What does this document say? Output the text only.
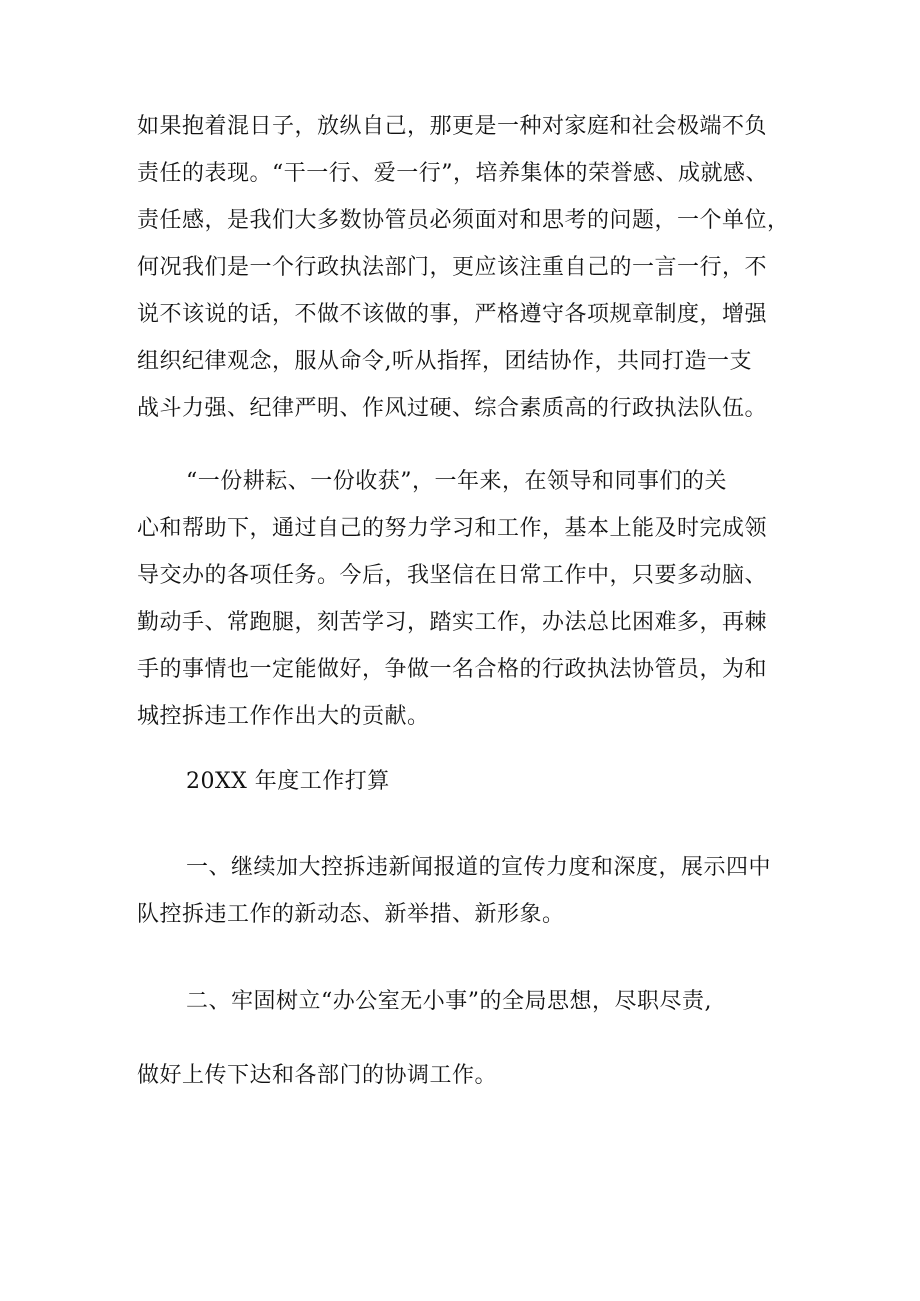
如果抱着混日子，放纵自己，那更是一种对家庭和社会极端不负
责任的表现。“干一行、爱一行”，培养集体的荣誉感、成就感、
责任感，是我们大多数协管员必须面对和思考的问题，一个单位，
何况我们是一个行政执法部门，更应该注重自己的一言一行，不
说不该说的话，不做不该做的事，严格遵守各项规章制度，增强
组织纪律观念，服从命令,听从指挥，团结协作，共同打造一支
战斗力强、纪律严明、作风过硬、综合素质高的行政执法队伍。
“一份耕耘、一份收获”，一年来，在领导和同事们的关
心和帮助下，通过自己的努力学习和工作，基本上能及时完成领
导交办的各项任务。今后，我坚信在日常工作中，只要多动脑、
勤动手、常跑腿，刻苦学习，踏实工作，办法总比困难多，再棘
手的事情也一定能做好，争做一名合格的行政执法协管员，为和
城控拆违工作作出大的贡献。
20XX 年度工作打算
一、继续加大控拆违新闻报道的宣传力度和深度，展示四中
队控拆违工作的新动态、新举措、新形象。
二、牢固树立“办公室无小事”的全局思想，尽职尽责,
做好上传下达和各部门的协调工作。
